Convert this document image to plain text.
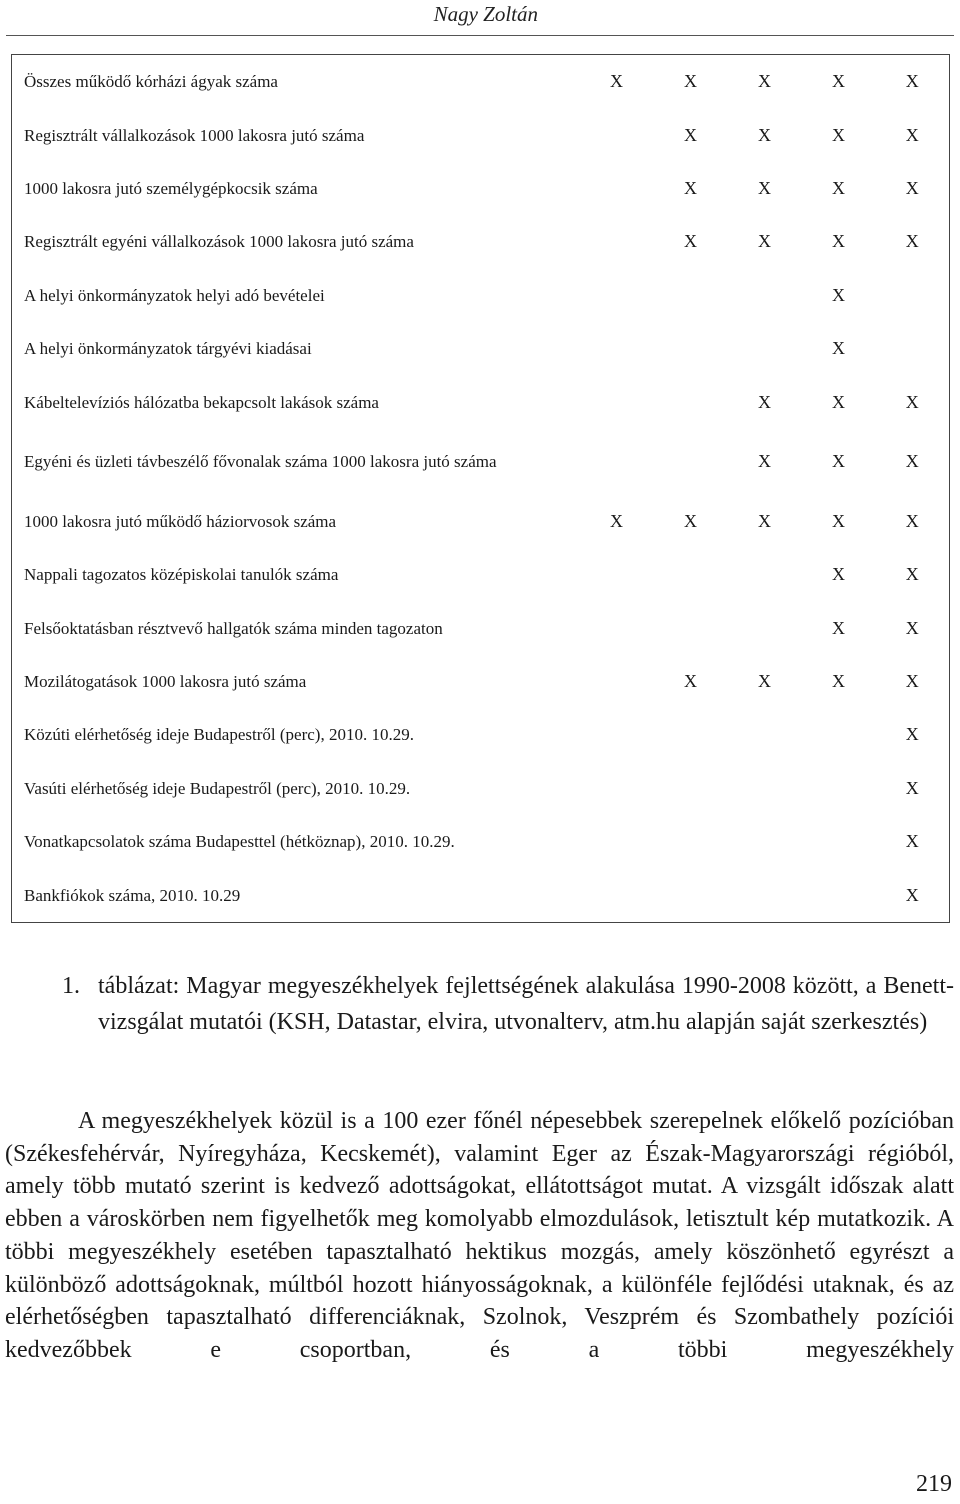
Nagy Zoltán
Összes működő kórházi ágyak száma	X	X	X	X	X
Regisztrált vállalkozások 1000 lakosra jutó száma		X	X	X	X
1000 lakosra jutó személygépkocsik száma		X	X	X	X
Regisztrált egyéni vállalkozások 1000 lakosra jutó száma		X	X	X	X
A helyi önkormányzatok helyi adó bevételei				X	
A helyi önkormányzatok tárgyévi kiadásai				X	
Kábeltelevíziós hálózatba bekapcsolt lakások száma			X	X	X
Egyéni és üzleti távbeszélő fővonalak száma 1000 lakosra jutó száma			X	X	X
1000 lakosra jutó működő háziorvosok száma	X	X	X	X	X
Nappali tagozatos középiskolai tanulók száma				X	X
Felsőoktatásban résztvevő hallgatók száma minden tagozaton				X	X
Mozilátogatások 1000 lakosra jutó száma		X	X	X	X
Közúti elérhetőség ideje Budapestről (perc), 2010. 10.29.					X
Vasúti elérhetőség ideje Budapestről (perc), 2010. 10.29.					X
Vonatkapcsolatok száma Budapesttel (hétköznap), 2010. 10.29.					X
Bankfiókok száma, 2010. 10.29					X
1. táblázat: Magyar megyeszékhelyek fejlettségének alakulása 1990-2008 között, a Benett-vizsgálat mutatói (KSH, Datastar, elvira, utvonalterv, atm.hu alapján saját szerkesztés)

A megyeszékhelyek közül is a 100 ezer főnél népesebbek szerepelnek előkelő pozícióban (Székesfehérvár, Nyíregyháza, Kecskemét), valamint Eger az Észak-Magyarországi régióból, amely több mutató szerint is kedvező adottságokat, ellátottságot mutat. A vizsgált időszak alatt ebben a városkörben nem figyelhetők meg komolyabb elmozdulások, letisztult kép mutatkozik. A többi megyeszékhely esetében tapasztalható hektikus mozgás, amely köszönhető egyrészt a különböző adottságoknak, múltból hozott hiányosságoknak, a különféle fejlődési utaknak, és az elérhetőségben tapasztalható differenciáknak, Szolnok, Veszprém és Szombathely pozíciói kedvezőbbek e csoportban, és a többi megyeszékhely

219
